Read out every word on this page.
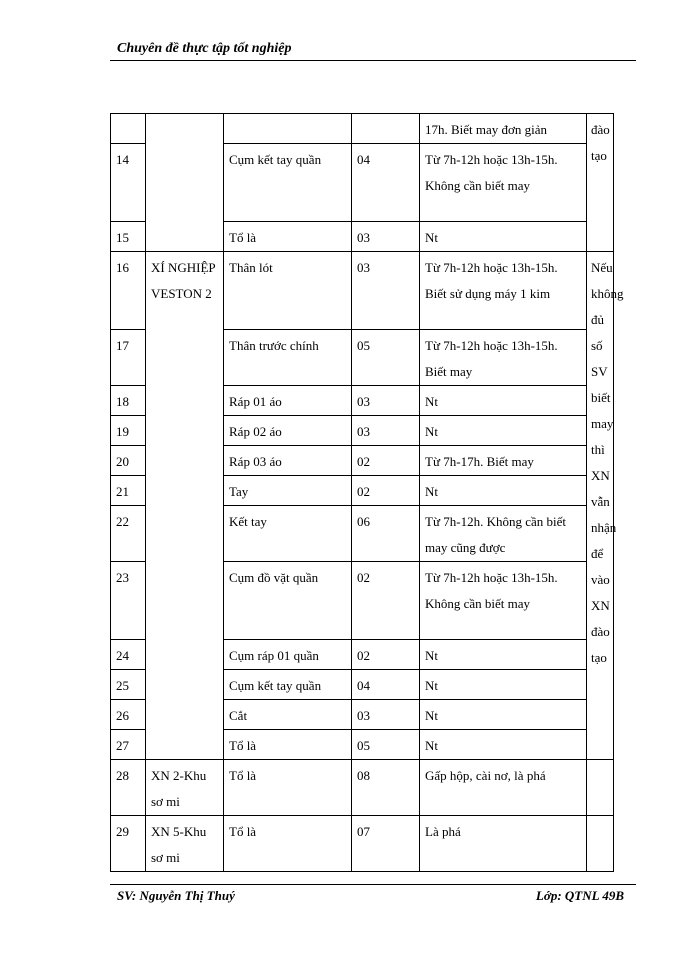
Chuyên đề thực tập tốt nghiệp
				17h. Biết may đơn giản	đào tạo
14		Cụm kết tay quần	04	Từ 7h-12h hoặc 13h-15h. Không cần biết may	
15		Tổ là	03	Nt	
16	XÍ NGHIỆP VESTON 2	Thân lót	03	Từ 7h-12h hoặc 13h-15h. Biết sử dụng máy 1 kim	Nếu không đủ số SV biết may thì XN vẫn nhận để vào XN đào tạo
17		Thân trước chính	05	Từ 7h-12h hoặc 13h-15h. Biết may	
18		Ráp 01 áo	03	Nt	
19		Ráp 02 áo	03	Nt	
20		Ráp 03 áo	02	Từ 7h-17h. Biết may	
21		Tay	02	Nt	
22		Kết tay	06	Từ 7h-12h. Không cần biết may cũng được	
23		Cụm đồ vặt quần	02	Từ 7h-12h hoặc 13h-15h. Không cần biết may	
24		Cụm ráp 01 quần	02	Nt	
25		Cụm kết tay quần	04	Nt	
26		Cắt	03	Nt	
27		Tổ là	05	Nt	
28	XN 2-Khu sơ mi	Tổ là	08	Gấp hộp, cài nơ, là phá	
29	XN 5-Khu sơ mi	Tổ là	07	Là phá	
SV: Nguyễn Thị Thuý	Lớp: QTNL 49B
